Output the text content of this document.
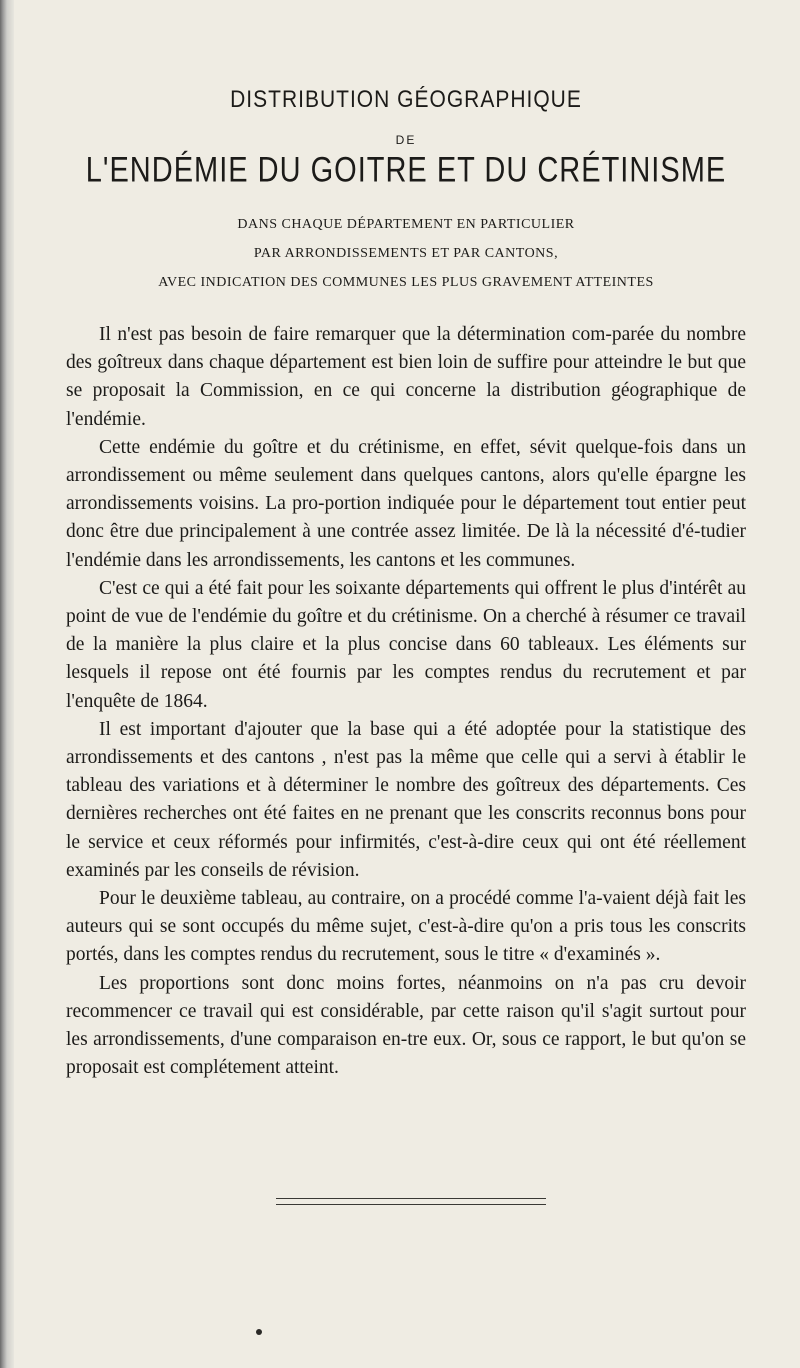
DISTRIBUTION GÉOGRAPHIQUE
DE
L'ENDÉMIE DU GOITRE ET DU CRÉTINISME
DANS CHAQUE DÉPARTEMENT EN PARTICULIER
PAR ARRONDISSEMENTS ET PAR CANTONS,
AVEC INDICATION DES COMMUNES LES PLUS GRAVEMENT ATTEINTES

Il n'est pas besoin de faire remarquer que la détermination com-parée du nombre des goîtreux dans chaque département est bien loin de suffire pour atteindre le but que se proposait la Commission, en ce qui concerne la distribution géographique de l'endémie.

Cette endémie du goître et du crétinisme, en effet, sévit quelque-fois dans un arrondissement ou même seulement dans quelques cantons, alors qu'elle épargne les arrondissements voisins. La pro-portion indiquée pour le département tout entier peut donc être due principalement à une contrée assez limitée. De là la nécessité d'é-tudier l'endémie dans les arrondissements, les cantons et les communes.

C'est ce qui a été fait pour les soixante départements qui offrent le plus d'intérêt au point de vue de l'endémie du goître et du crétinisme. On a cherché à résumer ce travail de la manière la plus claire et la plus concise dans 60 tableaux. Les éléments sur lesquels il repose ont été fournis par les comptes rendus du recrutement et par l'enquête de 1864.

Il est important d'ajouter que la base qui a été adoptée pour la statistique des arrondissements et des cantons , n'est pas la même que celle qui a servi à établir le tableau des variations et à déterminer le nombre des goîtreux des départements. Ces dernières recherches ont été faites en ne prenant que les conscrits reconnus bons pour le service et ceux réformés pour infirmités, c'est-à-dire ceux qui ont été réellement examinés par les conseils de révision.

Pour le deuxième tableau, au contraire, on a procédé comme l'a-vaient déjà fait les auteurs qui se sont occupés du même sujet, c'est-à-dire qu'on a pris tous les conscrits portés, dans les comptes rendus du recrutement, sous le titre « d'examinés ».

Les proportions sont donc moins fortes, néanmoins on n'a pas cru devoir recommencer ce travail qui est considérable, par cette raison qu'il s'agit surtout pour les arrondissements, d'une comparaison en-tre eux. Or, sous ce rapport, le but qu'on se proposait est complétement atteint.
